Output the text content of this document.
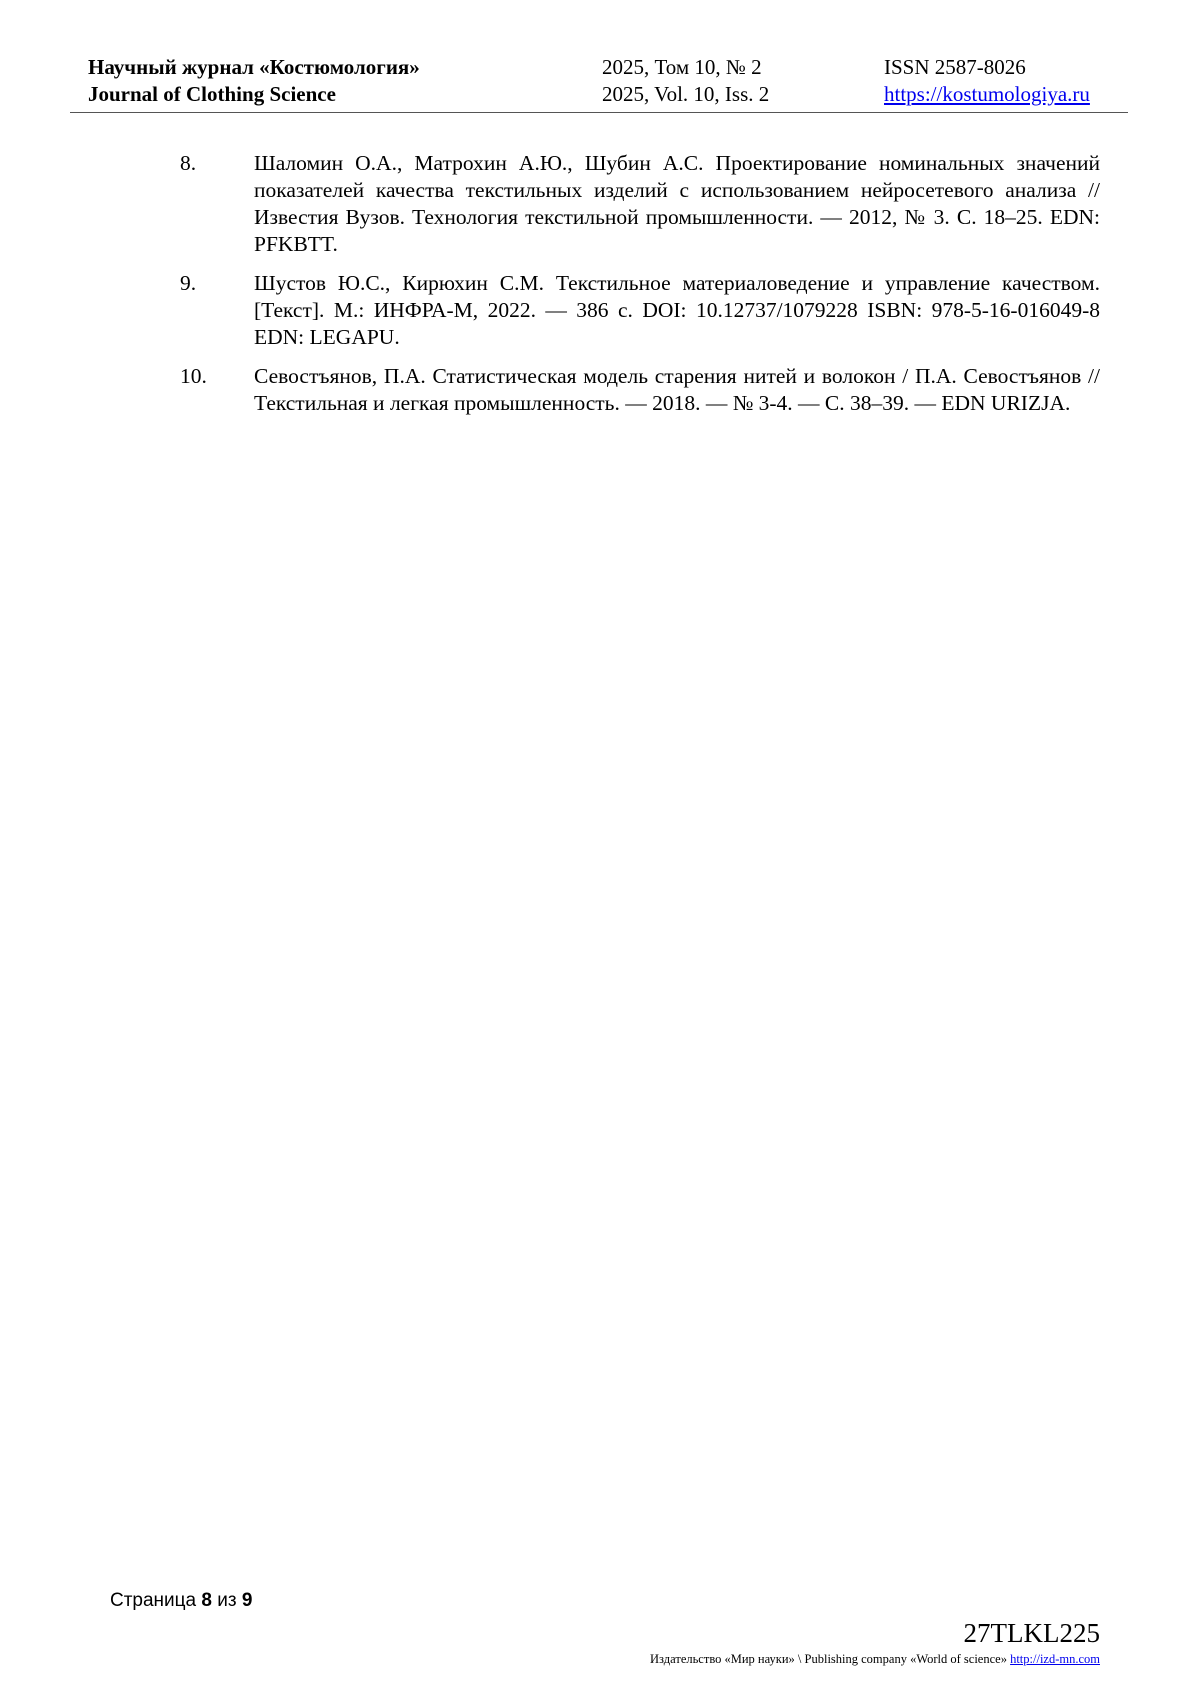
Научный журнал «Костюмология»
Journal of Clothing Science
2025, Том 10, № 2
2025, Vol. 10, Iss. 2
ISSN 2587-8026
https://kostumologiya.ru
8.	Шаломин О.А., Матрохин А.Ю., Шубин А.С. Проектирование номинальных значений показателей качества текстильных изделий с использованием нейросетевого анализа // Известия Вузов. Технология текстильной промышленности. — 2012, № 3. С. 18–25. EDN: PFKBTT.
9.	Шустов Ю.С., Кирюхин С.М. Текстильное материаловедение и управление качеством. [Текст]. М.: ИНФРА-М, 2022. — 386 с. DOI: 10.12737/1079228 ISBN: 978-5-16-016049-8 EDN: LEGAPU.
10. Севостъянов, П.А. Статистическая модель старения нитей и волокон / П.А. Севостъянов // Текстильная и легкая промышленность. — 2018. — № 3-4. — С. 38–39. — EDN URIZJA.
Страница 8 из 9
27TLKL225
Издательство «Мир науки» \ Publishing company «World of science» http://izd-mn.com
